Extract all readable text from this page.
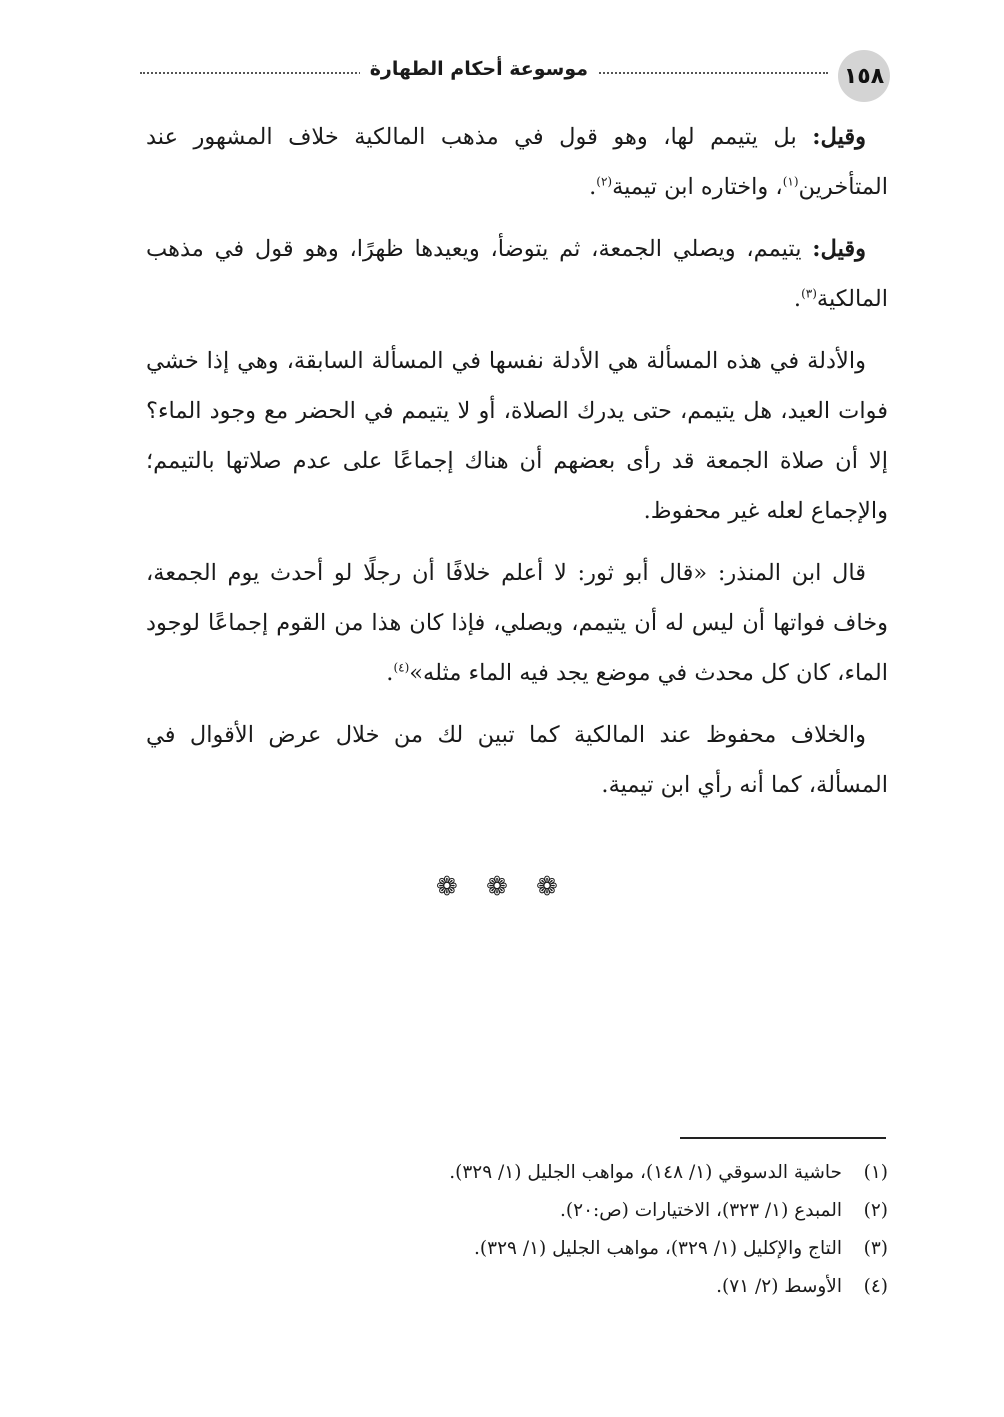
موسوعة أحكام الطهارة	١٥٨

وقيل: بل يتيمم لها، وهو قول في مذهب المالكية خلاف المشهور عند المتأخرين$^{(١)}$، واختاره ابن تيمية$^{(٢)}$.

وقيل: يتيمم، ويصلي الجمعة، ثم يتوضأ، ويعيدها ظهرًا، وهو قول في مذهب المالكية$^{(٣)}$.

والأدلة في هذه المسألة هي الأدلة نفسها في المسألة السابقة، وهي إذا خشي فوات العيد، هل يتيمم، حتى يدرك الصلاة، أو لا يتيمم في الحضر مع وجود الماء؟ إلا أن صلاة الجمعة قد رأى بعضهم أن هناك إجماعًا على عدم صلاتها بالتيمم؛ والإجماع لعله غير محفوظ.

قال ابن المنذر: «قال أبو ثور: لا أعلم خلافًا أن رجلًا لو أحدث يوم الجمعة، وخاف فواتها أن ليس له أن يتيمم، ويصلي، فإذا كان هذا من القوم إجماعًا لوجود الماء، كان كل محدث في موضع يجد فيه الماء مثله»$^{(٤)}$.

والخلاف محفوظ عند المالكية كما تبين لك من خلال عرض الأقوال في المسألة، كما أنه رأي ابن تيمية.

❁ ❁ ❁
(١)
حاشية الدسوقي (١/ ١٤٨)، مواهب الجليل (١/ ٣٢٩).
(٢)
المبدع (١/ ٣٢٣)، الاختيارات (ص:٢٠).
(٣)
التاج والإكليل (١/ ٣٢٩)، مواهب الجليل (١/ ٣٢٩).
(٤)
الأوسط (٢/ ٧١).
